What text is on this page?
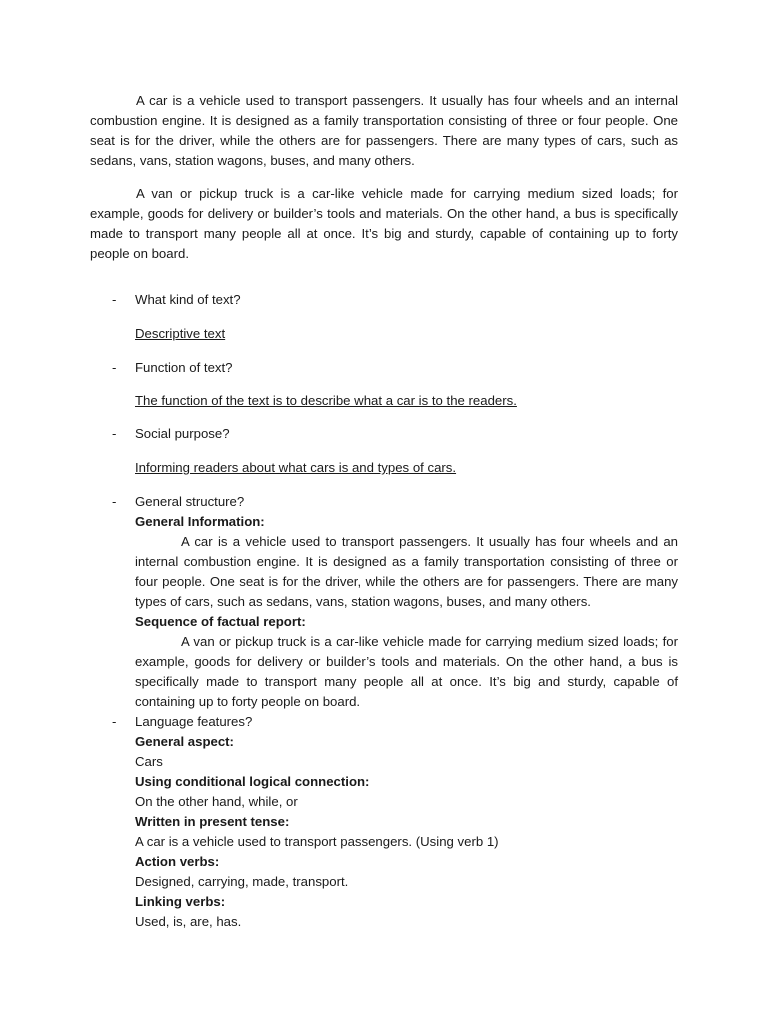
A car is a vehicle used to transport passengers. It usually has four wheels and an internal combustion engine. It is designed as a family transportation consisting of three or four people. One seat is for the driver, while the others are for passengers. There are many types of cars, such as sedans, vans, station wagons, buses, and many others.

A van or pickup truck is a car-like vehicle made for carrying medium sized loads; for example, goods for delivery or builder’s tools and materials. On the other hand, a bus is specifically made to transport many people all at once. It’s big and sturdy, capable of containing up to forty people on board.

- What kind of text?
Descriptive text
- Function of text?
The function of the text is to describe what a car is to the readers.
- Social purpose?
Informing readers about what cars is and types of cars.
- General structure?
General Information:

A car is a vehicle used to transport passengers. It usually has four wheels and an internal combustion engine. It is designed as a family transportation consisting of three or four people. One seat is for the driver, while the others are for passengers. There are many types of cars, such as sedans, vans, station wagons, buses, and many others.

Sequence of factual report:

A van or pickup truck is a car-like vehicle made for carrying medium sized loads; for example, goods for delivery or builder’s tools and materials. On the other hand, a bus is specifically made to transport many people all at once. It’s big and sturdy, capable of containing up to forty people on board.

- Language features?
General aspect:
Cars
Using conditional logical connection:
On the other hand, while, or
Written in present tense:
A car is a vehicle used to transport passengers. (Using verb 1)
Action verbs:
Designed, carrying, made, transport.
Linking verbs:
Used, is, are, has.
